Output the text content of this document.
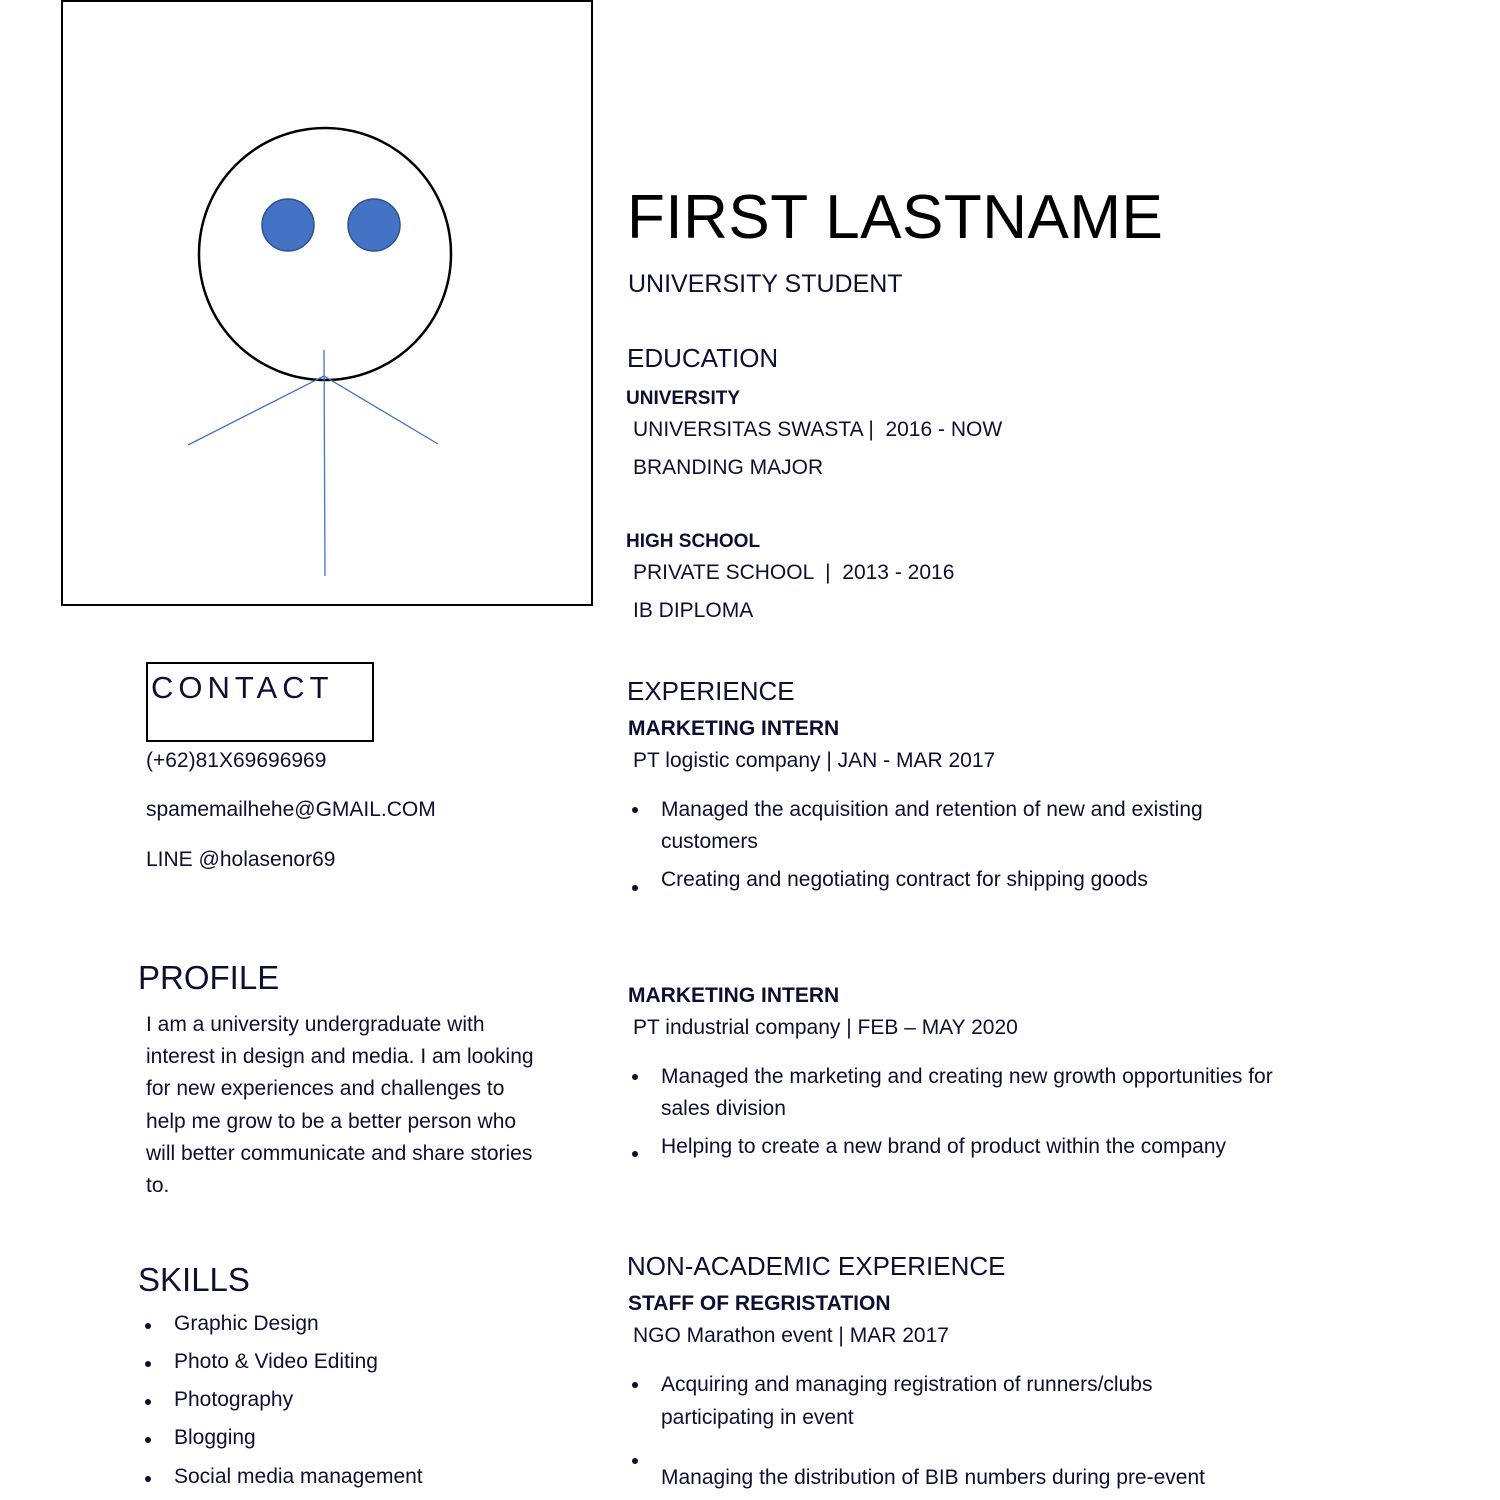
FIRST LASTNAME
UNIVERSITY STUDENT
EDUCATION
UNIVERSITY
UNIVERSITAS SWASTA |  2016 - NOW
BRANDING MAJOR
HIGH SCHOOL
PRIVATE SCHOOL  |  2013 - 2016
IB DIPLOMA
EXPERIENCE
MARKETING INTERN
PT logistic company | JAN - MAR 2017
Managed the acquisition and retention of new and existing
customers
Creating and negotiating contract for shipping goods
MARKETING INTERN
PT industrial company | FEB – MAY 2020
Managed the marketing and creating new growth opportunities for
sales division
Helping to create a new brand of product within the company
NON-ACADEMIC EXPERIENCE
STAFF OF REGRISTATION
NGO Marathon event | MAR 2017
Acquiring and managing registration of runners/clubs
participating in event
Managing the distribution of BIB numbers during pre-event
CONTACT
(+62)81X69696969
spamemailhehe@GMAIL.COM
LINE @holasenor69
PROFILE
I am a university undergraduate with interest in design and media. I am looking for new experiences and challenges to help me grow to be a better person who will better communicate and share stories to.
SKILLS
Graphic Design
Photo & Video Editing
Photography
Blogging
Social media management
